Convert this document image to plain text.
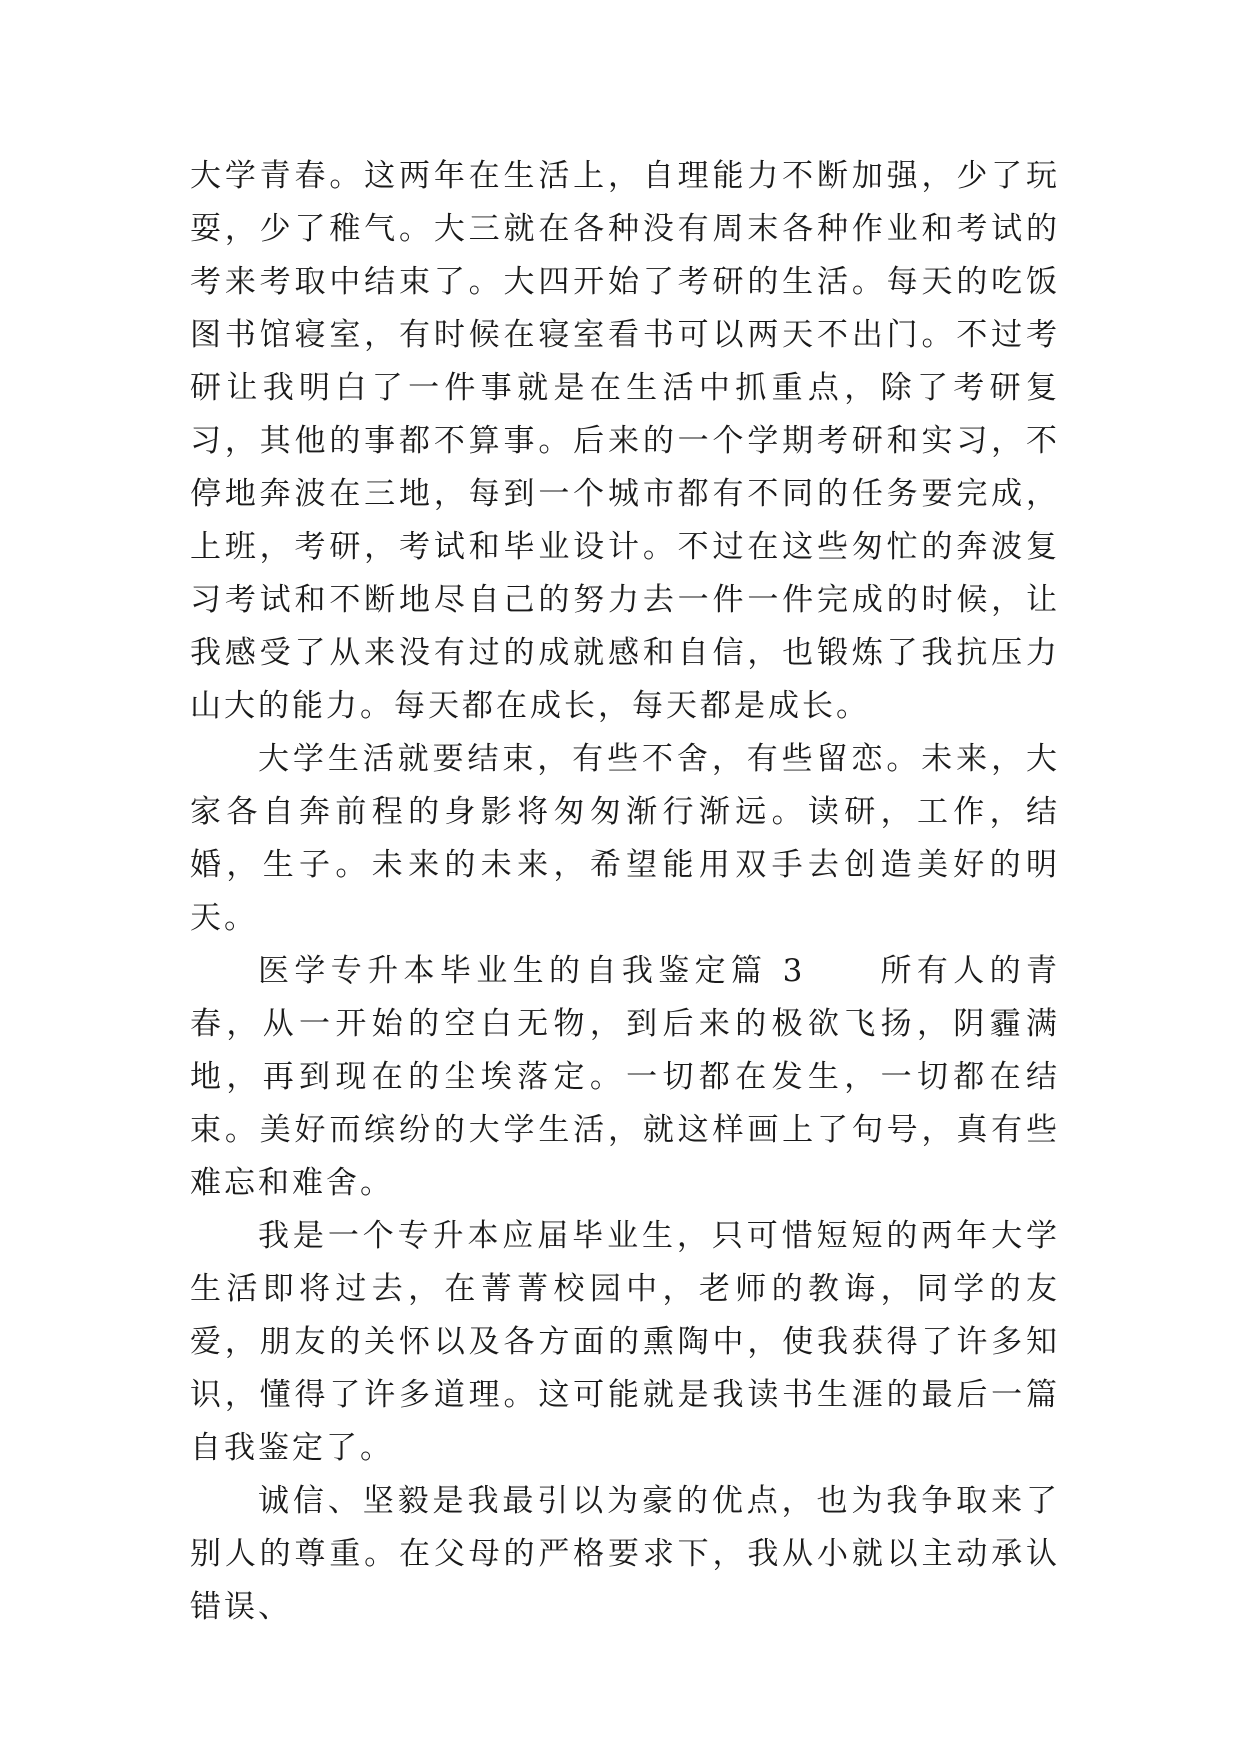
大学青春。这两年在生活上，自理能力不断加强，少了玩耍，少了稚气。大三就在各种没有周末各种作业和考试的考来考取中结束了。大四开始了考研的生活。每天的吃饭图书馆寝室，有时候在寝室看书可以两天不出门。不过考研让我明白了一件事就是在生活中抓重点，除了考研复习，其他的事都不算事。后来的一个学期考研和实习，不停地奔波在三地，每到一个城市都有不同的任务要完成，上班，考研，考试和毕业设计。不过在这些匆忙的奔波复习考试和不断地尽自己的努力去一件一件完成的时候，让我感受了从来没有过的成就感和自信，也锻炼了我抗压力山大的能力。每天都在成长，每天都是成长。

大学生活就要结束，有些不舍，有些留恋。未来，大家各自奔前程的身影将匆匆渐行渐远。读研，工作，结婚，生子。未来的未来，希望能用双手去创造美好的明天。

医学专升本毕业生的自我鉴定篇 3　　所有人的青春，从一开始的空白无物，到后来的极欲飞扬，阴霾满地，再到现在的尘埃落定。一切都在发生，一切都在结束。美好而缤纷的大学生活，就这样画上了句号，真有些难忘和难舍。

我是一个专升本应届毕业生，只可惜短短的两年大学生活即将过去，在菁菁校园中，老师的教诲，同学的友爱，朋友的关怀以及各方面的熏陶中，使我获得了许多知识，懂得了许多道理。这可能就是我读书生涯的最后一篇自我鉴定了。

诚信、坚毅是我最引以为豪的优点，也为我争取来了别人的尊重。在父母的严格要求下，我从小就以主动承认错误、
